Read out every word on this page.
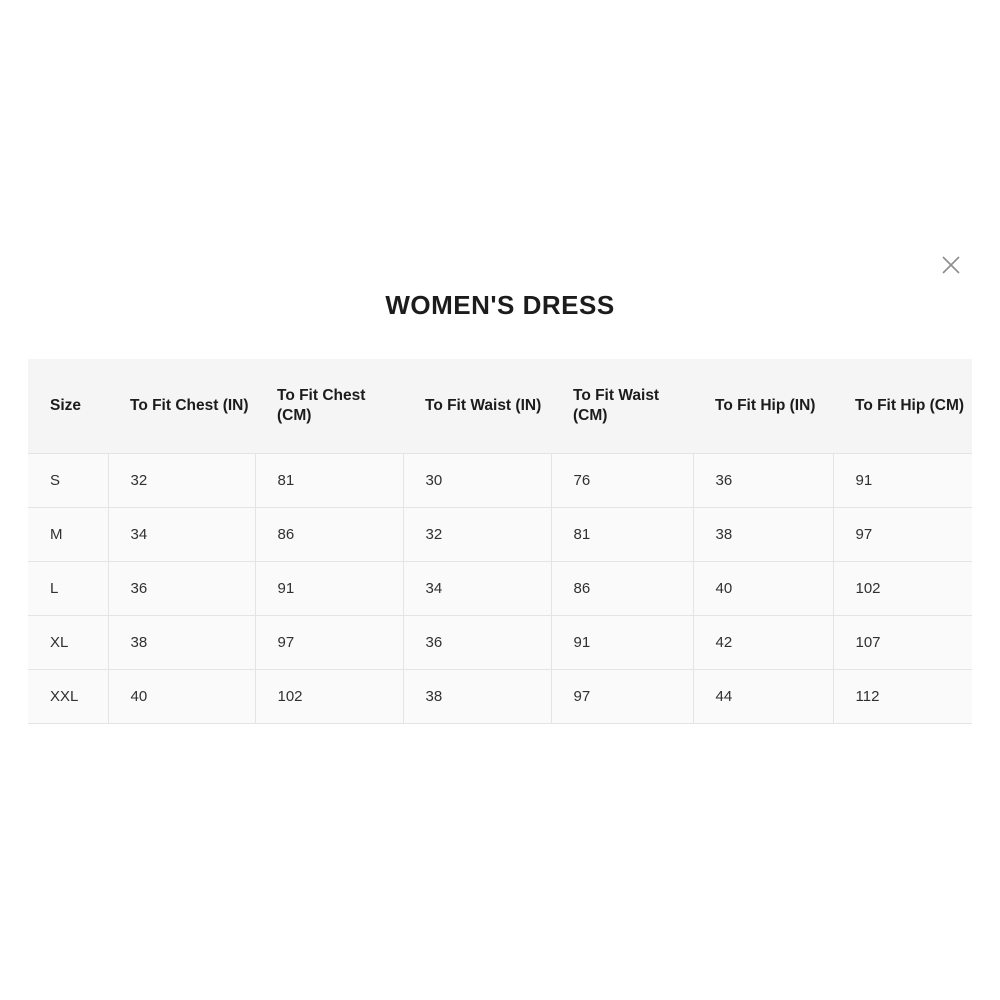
WOMEN'S DRESS
Size	To Fit Chest (IN)	To Fit Chest (CM)	To Fit Waist (IN)	To Fit Waist (CM)	To Fit Hip (IN)	To Fit Hip (CM)
S	32	81	30	76	36	91
M	34	86	32	81	38	97
L	36	91	34	86	40	102
XL	38	97	36	91	42	107
XXL	40	102	38	97	44	112
